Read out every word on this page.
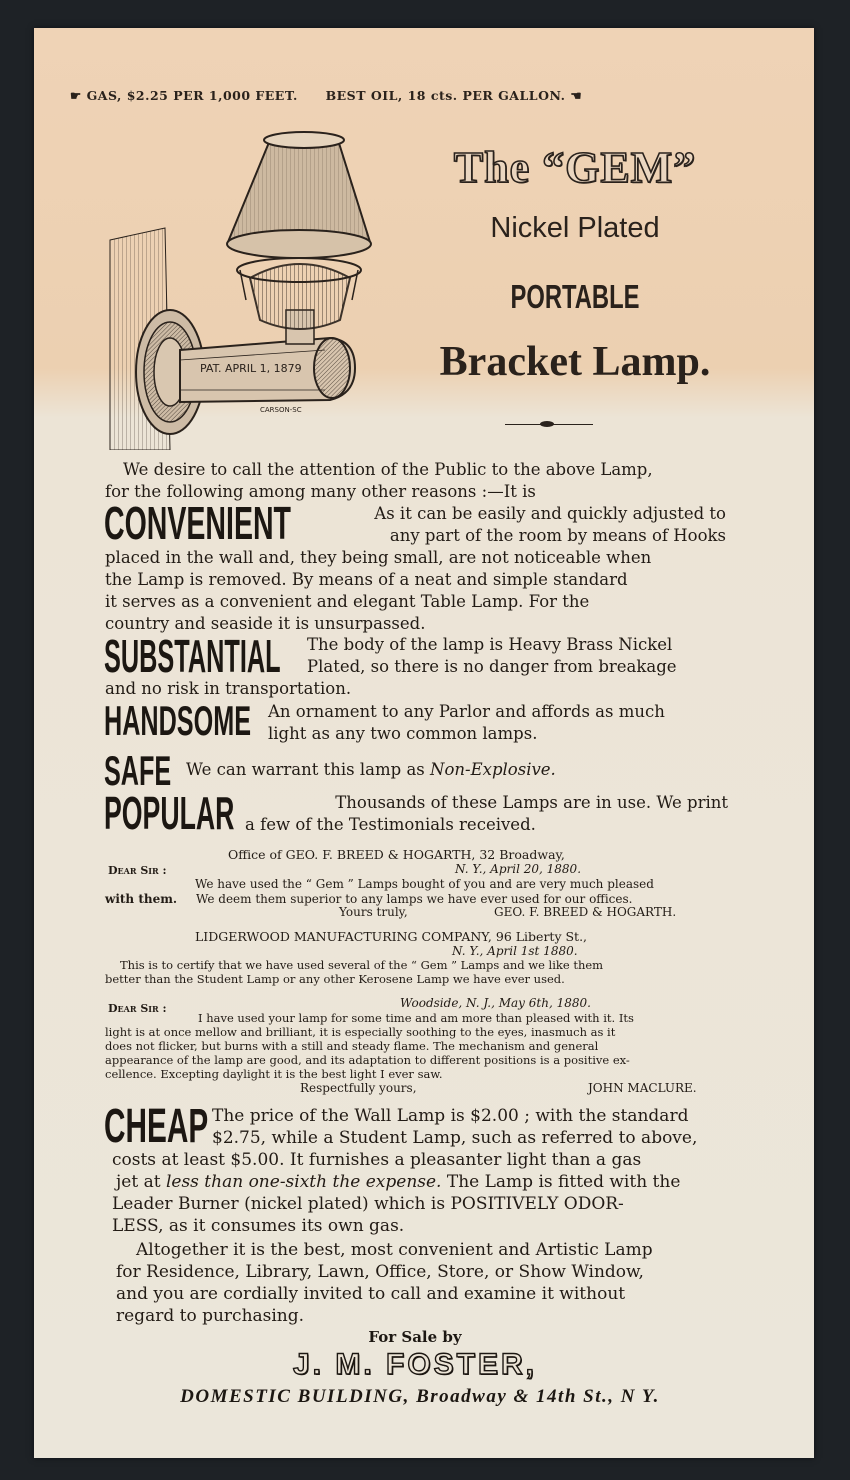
☛ GAS, $2.25 PER 1,000 FEET. BEST OIL, 18 cts. PER GALLON. ☚
PAT. APRIL 1, 1879
CARSON-SC
The “GEM”
Nickel Plated
PORTABLE
Bracket Lamp.
We desire to call the attention of the Public to the above Lamp,
for the following among many other reasons :—It is
CONVENIENT	As it can be easily and quickly adjusted to
any part of the room by means of Hooks
placed in the wall and, they being small, are not noticeable when
the Lamp is removed. By means of a neat and simple standard
it serves as a convenient and elegant Table Lamp. For the
country and seaside it is unsurpassed.
SUBSTANTIAL The body of the lamp is Heavy Brass Nickel
Plated, so there is no danger from breakage
and no risk in transportation.
HANDSOME An ornament to any Parlor and affords as much
light as any two common lamps.
SAFE We can warrant this lamp as Non-Explosive.
POPULAR	Thousands of these Lamps are in use. We print
a few of the Testimonials received.
Office of GEO. F. BREED & HOGARTH, 32 Broadway,
Dear Sir :	N. Y., April 20, 1880.
We have used the “ Gem ” Lamps bought of you and are very much pleased
with them. We deem them superior to any lamps we have ever used for our offices.
Yours truly,	GEO. F. BREED & HOGARTH.
LIDGERWOOD MANUFACTURING COMPANY, 96 Liberty St.,
N. Y., April 1st 1880.
This is to certify that we have used several of the “ Gem ” Lamps and we like them
better than the Student Lamp or any other Kerosene Lamp we have ever used.
Dear Sir :	Woodside, N. J., May 6th, 1880.
I have used your lamp for some time and am more than pleased with it. Its
light is at once mellow and brilliant, it is especially soothing to the eyes, inasmuch as it
does not flicker, but burns with a still and steady flame. The mechanism and general
appearance of the lamp are good, and its adaptation to different positions is a positive ex-
cellence. Excepting daylight it is the best light I ever saw.
Respectfully yours,	JOHN MACLURE.
CHEAP The price of the Wall Lamp is $2.00 ; with the standard
$2.75, while a Student Lamp, such as referred to above,
costs at least $5.00. It furnishes a pleasanter light than a gas
jet at less than one-sixth the expense. The Lamp is fitted with the
Leader Burner (nickel plated) which is POSITIVELY ODOR-
LESS, as it consumes its own gas.
Altogether it is the best, most convenient and Artistic Lamp
for Residence, Library, Lawn, Office, Store, or Show Window,
and you are cordially invited to call and examine it without
regard to purchasing.
For Sale by
J. M. FOSTER,
DOMESTIC BUILDING, Broadway & 14th St., N Y.
